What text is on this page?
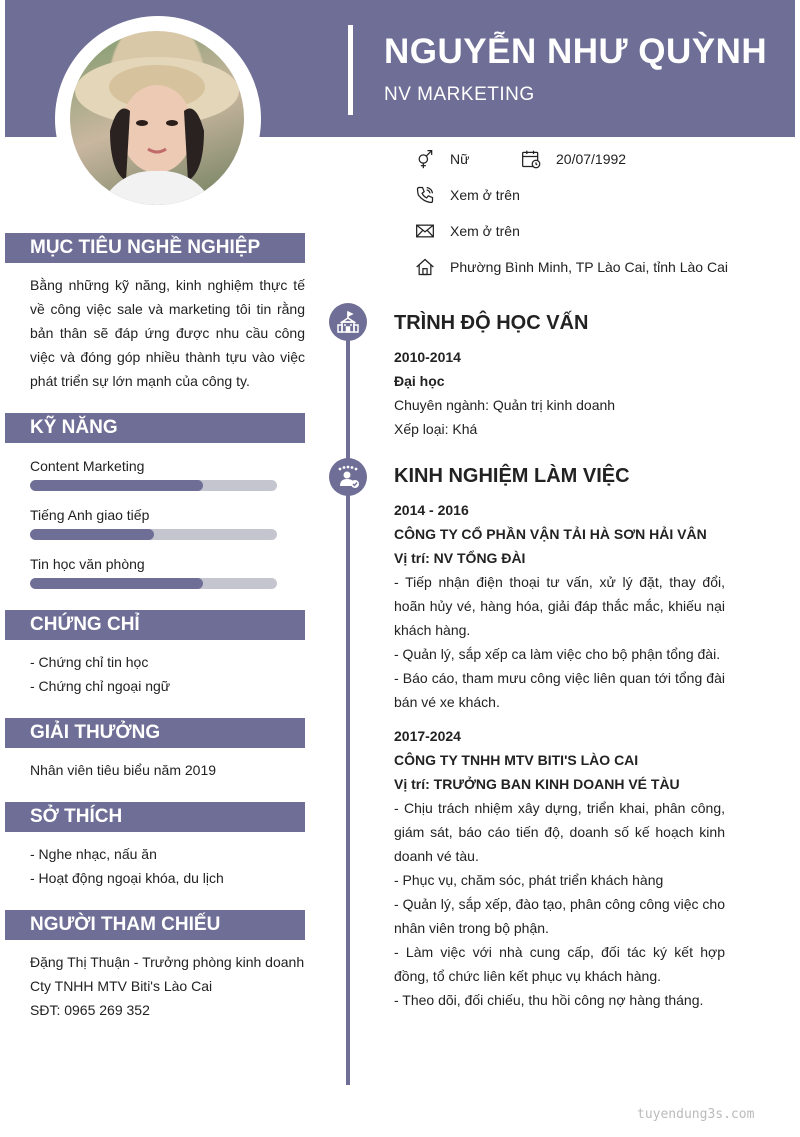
NGUYỄN NHƯ QUỲNH
NV MARKETING
Nữ	20/07/1992
Xem ở trên
Xem ở trên
Phường Bình Minh, TP Lào Cai, tỉnh Lào Cai
MỤC TIÊU NGHỀ NGHIỆP
Bằng những kỹ năng, kinh nghiệm thực tế về công việc sale và marketing tôi tin rằng bản thân sẽ đáp ứng được nhu cầu công việc và đóng góp nhiều thành tựu vào việc phát triển sự lớn mạnh của công ty.
KỸ NĂNG
Content Marketing
Tiếng Anh giao tiếp
Tin học văn phòng
CHỨNG CHỈ
- Chứng chỉ tin học
- Chứng chỉ ngoại ngữ
GIẢI THƯỞNG
Nhân viên tiêu biểu năm 2019
SỞ THÍCH
- Nghe nhạc, nấu ăn
- Hoạt động ngoại khóa, du lịch
NGƯỜI THAM CHIẾU
Đặng Thị Thuận - Trưởng phòng kinh doanh
Cty TNHH MTV Biti's Lào Cai
SĐT: 0965 269 352
TRÌNH ĐỘ HỌC VẤN
2010-2014
Đại học
Chuyên ngành: Quản trị kinh doanh
Xếp loại: Khá
KINH NGHIỆM LÀM VIỆC
2014 - 2016
CÔNG TY CỔ PHẦN VẬN TẢI HÀ SƠN HẢI VÂN
Vị trí: NV TỔNG ĐÀI
- Tiếp nhận điện thoại tư vấn, xử lý đặt, thay đổi, hoãn hủy vé, hàng hóa, giải đáp thắc mắc, khiếu nại khách hàng.
- Quản lý, sắp xếp ca làm việc cho bộ phận tổng đài.
- Báo cáo, tham mưu công việc liên quan tới tổng đài bán vé xe khách.
2017-2024
CÔNG TY TNHH MTV BITI'S LÀO CAI
Vị trí: TRƯỞNG BAN KINH DOANH VÉ TÀU
- Chịu trách nhiệm xây dựng, triển khai, phân công, giám sát, báo cáo tiến độ, doanh số kế hoạch kinh doanh vé tàu.
- Phục vụ, chăm sóc, phát triển khách hàng
- Quản lý, sắp xếp, đào tạo, phân công công việc cho nhân viên trong bộ phận.
- Làm việc với nhà cung cấp, đối tác ký kết hợp đồng, tổ chức liên kết phục vụ khách hàng.
- Theo dõi, đối chiếu, thu hồi công nợ hàng tháng.
tuyendung3s.com
